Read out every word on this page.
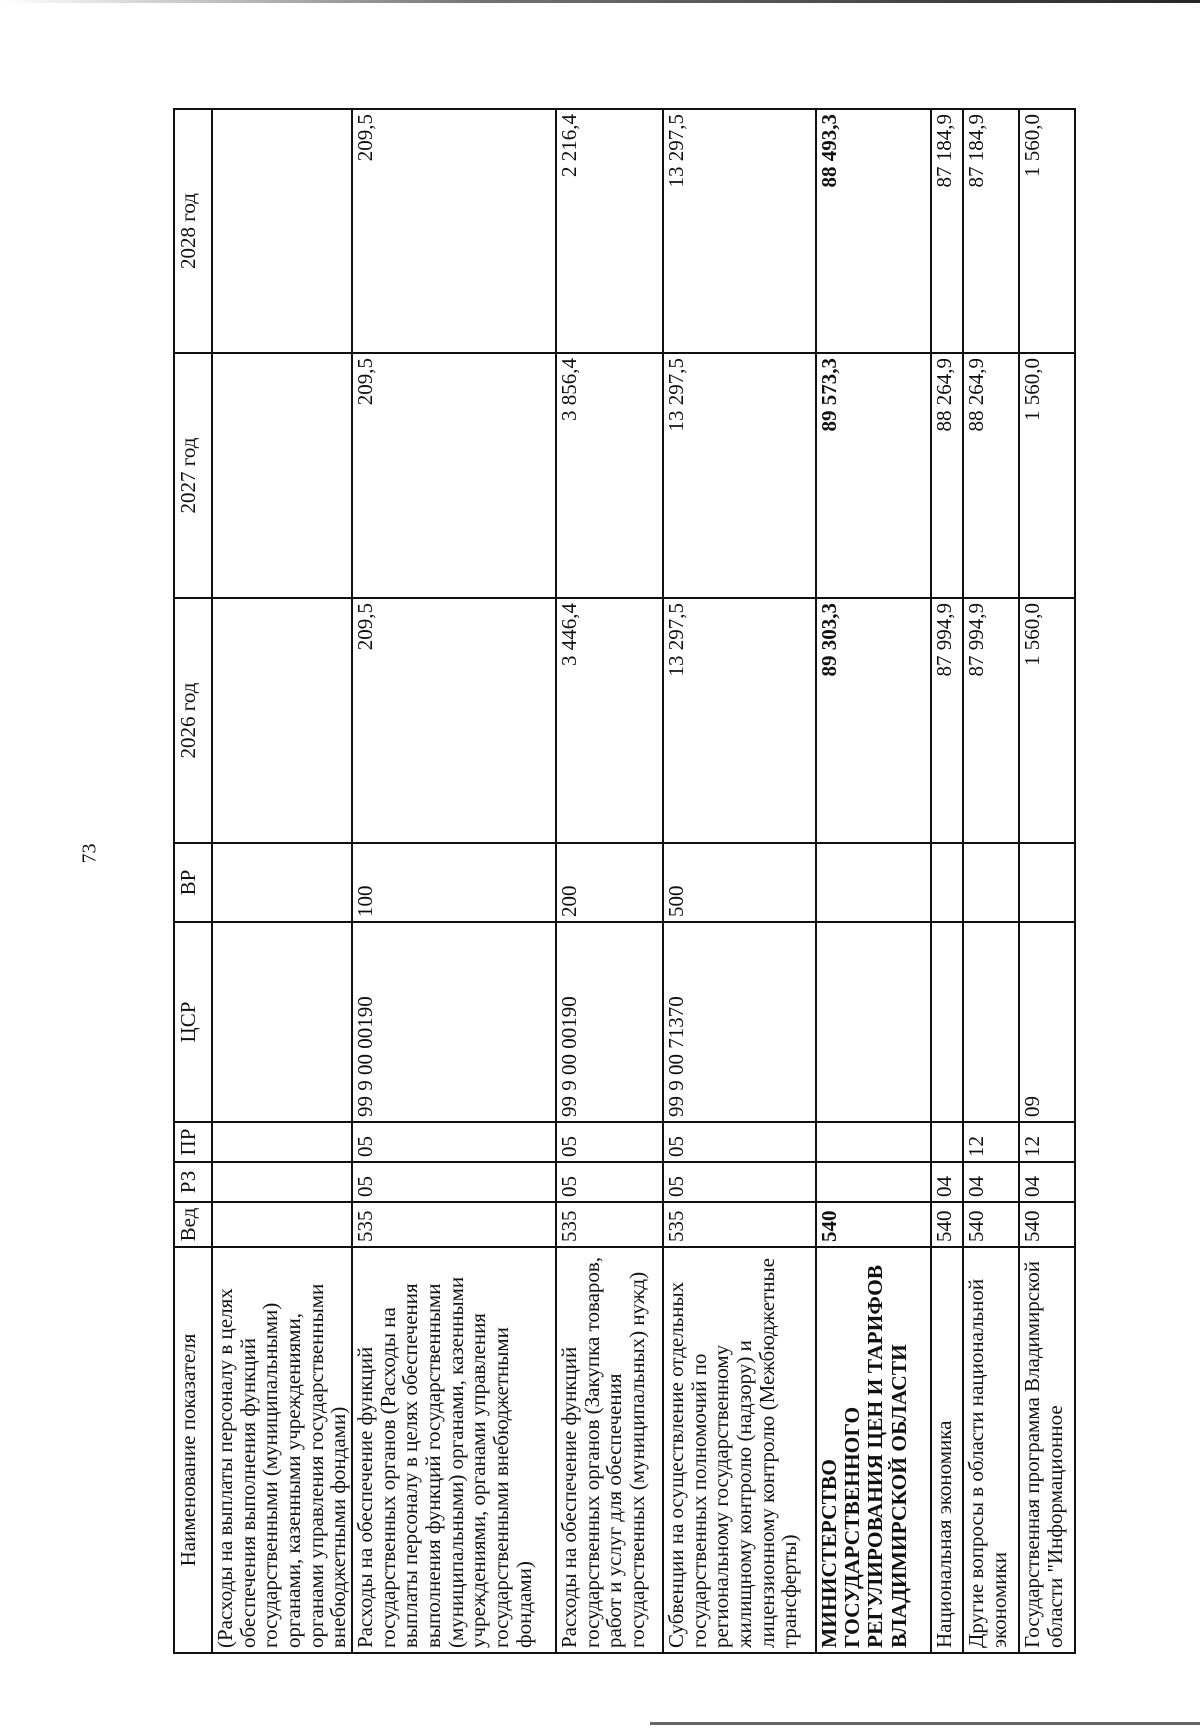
73
Наименование показателя	Вед	РЗ	ПР	ЦСР	ВР	2026 год	2027 год	2028 год
(Расходы на выплаты персоналу в целях обеспечения выполнения функций государственными (муниципальными) органами, казенными учреждениями, органами управления государственными внебюджетными фондами)								
Расходы на обеспечение функций государственных органов (Расходы на выплаты персоналу в целях обеспечения выполнения функций государственными (муниципальными) органами, казенными учреждениями, органами управления государственными внебюджетными фондами)	535	05	05	99 9 00 00190	100	209,5	209,5	209,5
Расходы на обеспечение функций государственных органов (Закупка товаров, работ и услуг для обеспечения государственных (муниципальных) нужд)	535	05	05	99 9 00 00190	200	3 446,4	3 856,4	2 216,4
Субвенции на осуществление отдельных государственных полномочий по региональному государственному жилищному контролю (надзору) и лицензионному контролю (Межбюджетные трансферты)	535	05	05	99 9 00 71370	500	13 297,5	13 297,5	13 297,5
МИНИСТЕРСТВО ГОСУДАРСТВЕННОГО РЕГУЛИРОВАНИЯ ЦЕН И ТАРИФОВ ВЛАДИМИРСКОЙ ОБЛАСТИ	540					89 303,3	89 573,3	88 493,3
Национальная экономика	540	04				87 994,9	88 264,9	87 184,9
Другие вопросы в области национальной экономики	540	04	12			87 994,9	88 264,9	87 184,9
Государственная программа Владимирской области "Информационное	540	04	12	09		1 560,0	1 560,0	1 560,0
